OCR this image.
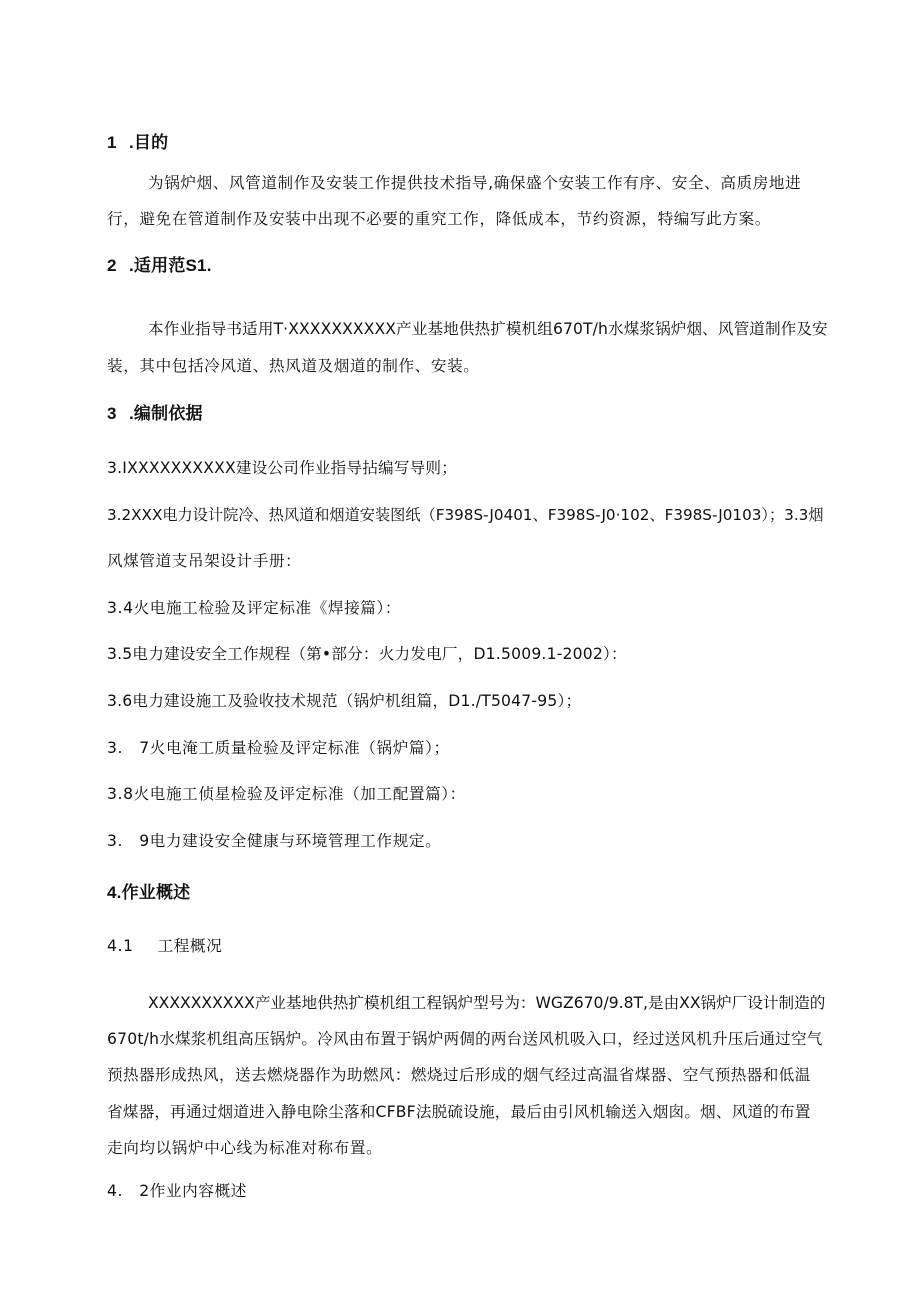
1 .目的
为锅炉烟、风管道制作及安装工作提供技术指导,确保盛个安装工作有序、安全、高质房地进
行，避免在管道制作及安装中出现不必要的重究工作，降低成本，节约资源，特编写此方案。
2 .适用范S1.
本作业指导书适用T·XXXXXXXXXX产业基地供热扩模机组670T/h水煤浆锅炉烟、风管道制作及安
装，其中包括冷风道、热风道及烟道的制作、安装。
3 .编制依据
3.IXXXXXXXXXX建设公司作业指导拈编写导则；
3.2XXX电力设计院冷、热风道和烟道安装图纸（F398S-J0401、F398S-J0·102、F398S-J0103）；3.3烟
风煤管道支吊架设计手册：
3.4火电施工检验及评定标准《焊接篇）：
3.5电力建设安全工作规程（第•部分：火力发电厂，D1.5009.1-2002）：
3.6电力建设施工及验收技术规范（锅炉机组篇，D1./T5047-95）；
3.　7火电淹工质量检验及评定标准（锅炉篇）；
3.8火电施工侦星检验及评定标准（加工配置篇）：
3.　9电力建设安全健康与环境管理工作规定。
4.作业概述
4.1 工程概况
XXXXXXXXXX产业基地供热扩模机组工程锅炉型号为：WGZ670/9.8T,是由XX锅炉厂设计制造的
670t/h水煤浆机组高压锅炉。冷风由布置于锅炉两倜的两台送风机吸入口，经过送风机升压后通过空气
预热器形成热风，送去燃烧器作为助燃风：燃烧过后形成的烟气经过高温省煤器、空气预热器和低温
省煤器，再通过烟道进入静电除尘落和CFBF法脱硫设施，最后由引风机输送入烟囱。烟、风道的布置
走向均以锅炉中心线为标准对称布置。
4.　2作业内容概述
